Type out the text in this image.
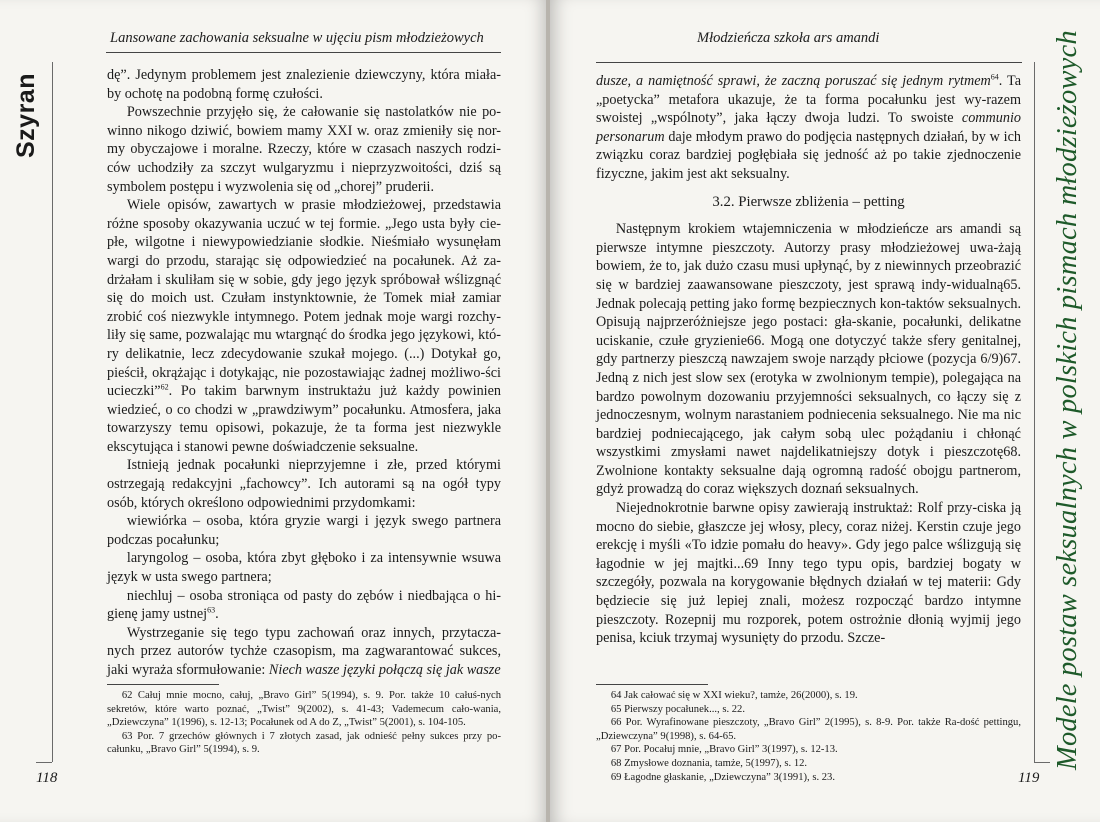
Lansowane zachowania seksualne w ujęciu pism młodzieżowych
Szyran	dę”. Jedynym problemem jest znalezienie dziewczyny, która miała-by ochotę na podobną formę czułości.

Powszechnie przyjęło się, że całowanie się nastolatków nie po-winno nikogo dziwić, bowiem mamy XXI w. oraz zmieniły się nor-my obyczajowe i moralne. Rzeczy, które w czasach naszych rodzi-ców uchodziły za szczyt wulgaryzmu i nieprzyzwoitości, dziś są symbolem postępu i wyzwolenia się od „chorej” pruderii.

Wiele opisów, zawartych w prasie młodzieżowej, przedstawia różne sposoby okazywania uczuć w tej formie. „Jego usta były cie-płe, wilgotne i niewypowiedzianie słodkie. Nieśmiało wysunęłam wargi do przodu, starając się odpowiedzieć na pocałunek. Aż za-drżałam i skuliłam się w sobie, gdy jego język spróbował wślizgnąć się do moich ust. Czułam instynktownie, że Tomek miał zamiar zrobić coś niezwykle intymnego. Potem jednak moje wargi rozchy-liły się same, pozwalając mu wtargnąć do środka jego językowi, któ-ry delikatnie, lecz zdecydowanie szukał mojego. (...) Dotykał go, pieścił, okrążając i dotykając, nie pozostawiając żadnej możliwo-ści ucieczki”$^{62}$. Po takim barwnym instruktażu już każdy powinien wiedzieć, o co chodzi w „prawdziwym” pocałunku. Atmosfera, jaka towarzyszy temu opisowi, pokazuje, że ta forma jest niezwykle ekscytująca i stanowi pewne doświadczenie seksualne.

Istnieją jednak pocałunki nieprzyjemne i złe, przed którymi ostrzegają redakcyjni „fachowcy”. Ich autorami są na ogół typy osób, których określono odpowiednimi przydomkami:

wiewiórka – osoba, która gryzie wargi i język swego partnera podczas pocałunku;

laryngolog – osoba, która zbyt głęboko i za intensywnie wsuwa język w usta swego partnera;

niechluj – osoba stroniąca od pasty do zębów i niedbająca o hi-gienę jamy ustnej$^{63}$.

Wystrzeganie się tego typu zachowań oraz innych, przytacza-nych przez autorów tychże czasopism, ma zagwarantować sukces, jaki wyraża sformułowanie: Niech wasze języki połączą się jak wasze

62 Całuj mnie mocno, całuj, „Bravo Girl” 5(1994), s. 9. Por. także 10 całuś-nych sekretów, które warto poznać, „Twist” 9(2002), s. 41-43; Vademecum cało-wania, „Dziewczyna” 1(1996), s. 12-13; Pocałunek od A do Z, „Twist” 5(2001), s. 104-105.

63 Por. 7 grzechów głównych i 7 złotych zasad, jak odnieść pełny sukces przy po-całunku, „Bravo Girl” 5(1994), s. 9.

118
Młodzieńcza szkoła ars amandi

dusze, a namiętność sprawi, że zaczną poruszać się jednym rytmem$^{64}$. Ta „poetycka” metafora ukazuje, że ta forma pocałunku jest wy-razem swoistej „wspólnoty”, jaka łączy dwoja ludzi. To swoiste communio personarum daje młodym prawo do podjęcia następnych działań, by w ich związku coraz bardziej pogłębiała się jedność aż po takie zjednoczenie fizyczne, jakim jest akt seksualny.

3.2. Pierwsze zbliżenia – petting

Następnym krokiem wtajemniczenia w młodzieńcze ars amandi są pierwsze intymne pieszczoty. Autorzy prasy młodzieżowej uwa-żają bowiem, że to, jak dużo czasu musi upłynąć, by z niewinnych przeobrazić się w bardziej zaawansowane pieszczoty, jest sprawą indy-widualną65. Jednak polecają petting jako formę bezpiecznych kon-taktów seksualnych. Opisują najprzeróżniejsze jego postaci: gła-skanie, pocałunki, delikatne uciskanie, czułe gryzienie66. Mogą one dotyczyć także sfery genitalnej, gdy partnerzy pieszczą nawzajem swoje narządy płciowe (pozycja 6/9)67. Jedną z nich jest slow sex (erotyka w zwolnionym tempie), polegająca na bardzo powolnym dozowaniu przyjemności seksualnych, co łączy się z jednoczesnym, wolnym narastaniem podniecenia seksualnego. Nie ma nic bardziej podniecającego, jak całym sobą ulec pożądaniu i chłonąć wszystkimi zmysłami nawet najdelikatniejszy dotyk i pieszczotę68. Zwolnione kontakty seksualne dają ogromną radość obojgu partnerom, gdyż prowadzą do coraz większych doznań seksualnych.

Niejednokrotnie barwne opisy zawierają instruktaż: Rolf przy-ciska ją mocno do siebie, głaszcze jej włosy, plecy, coraz niżej. Kerstin czuje jego erekcję i myśli «To idzie pomału do heavy». Gdy jego palce wślizgują się łagodnie w jej majtki...69 Inny tego typu opis, bardziej bogaty w szczegóły, pozwala na korygowanie błędnych działań w tej materii: Gdy będziecie się już lepiej znali, możesz rozpocząć bardzo intymne pieszczoty. Rozepnij mu rozporek, potem ostrożnie dłonią wyjmij jego penisa, kciuk trzymaj wysunięty do przodu. Szcze-

64 Jak całować się w XXI wieku?, tamże, 26(2000), s. 19.

65 Pierwszy pocałunek..., s. 22.

66 Por. Wyrafinowane pieszczoty, „Bravo Girl” 2(1995), s. 8-9. Por. także Ra-dość pettingu, „Dziewczyna” 9(1998), s. 64-65.

67 Por. Pocałuj mnie, „Bravo Girl” 3(1997), s. 12-13.

68 Zmysłowe doznania, tamże, 5(1997), s. 12.

69 Łagodne głaskanie, „Dziewczyna” 3(1991), s. 23.	119
Modele postaw seksualnych w polskich pismach młodzieżowych
